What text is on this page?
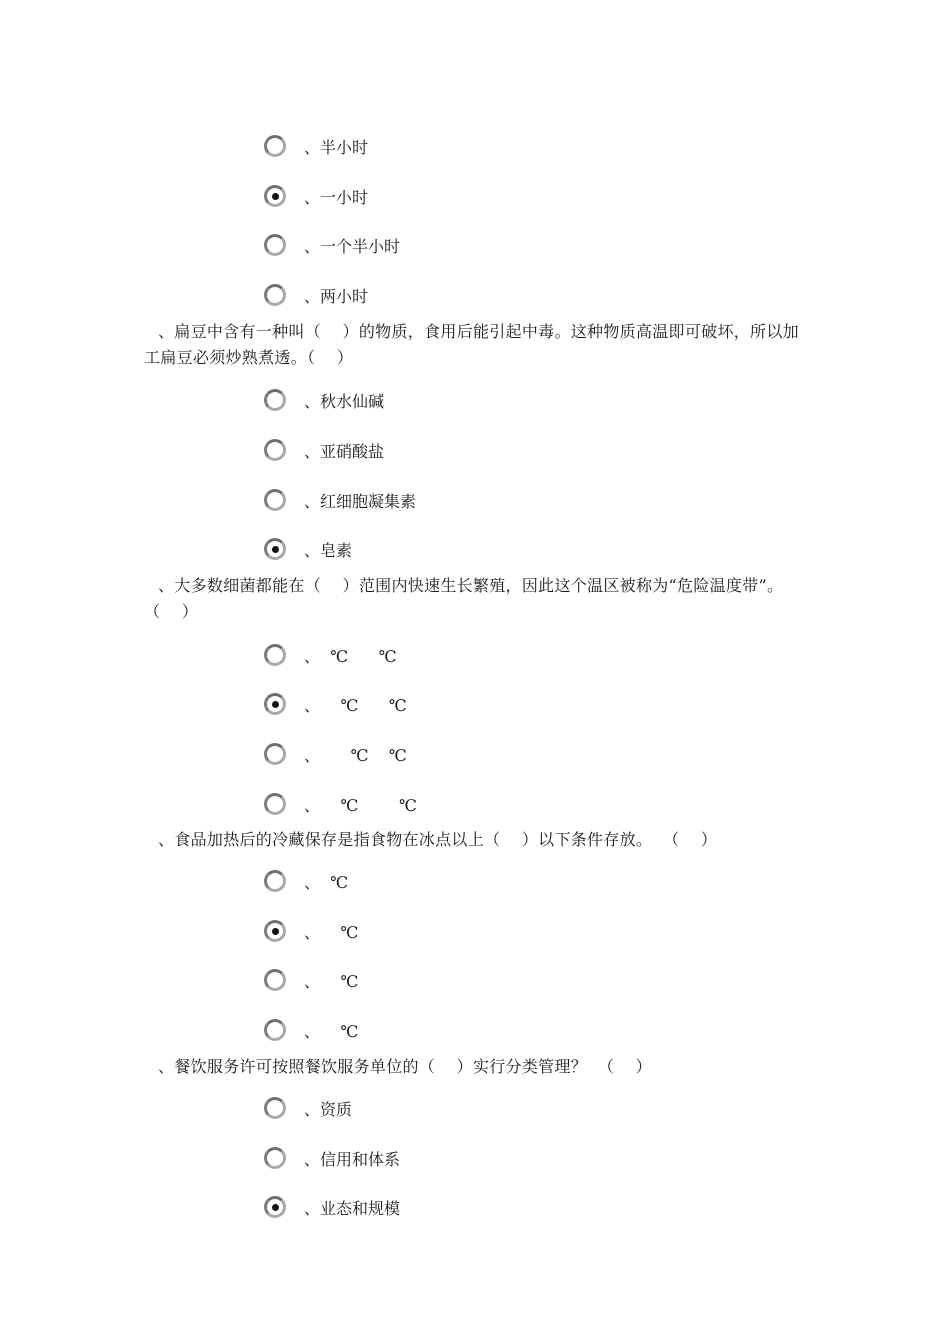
、半小时
、一小时
、一个半小时
、两小时
、扁豆中含有一种叫（    ）的物质，食用后能引起中毒。这种物质高温即可破坏，所以加
工扁豆必须炒熟煮透。（    ）
、秋水仙碱
、亚硝酸盐
、红细胞凝集素
、皂素
、大多数细菌都能在（    ）范围内快速生长繁殖，因此这个温区被称为“危险温度带”。
（    ）
、  ℃      ℃
、    ℃      ℃
、      ℃    ℃
、    ℃        ℃
、食品加热后的冷藏保存是指食物在冰点以上（    ）以下条件存放。  （    ）
、  ℃
、    ℃
、    ℃
、    ℃
、餐饮服务许可按照餐饮服务单位的（    ）实行分类管理？  （    ）
、资质
、信用和体系
、业态和规模
